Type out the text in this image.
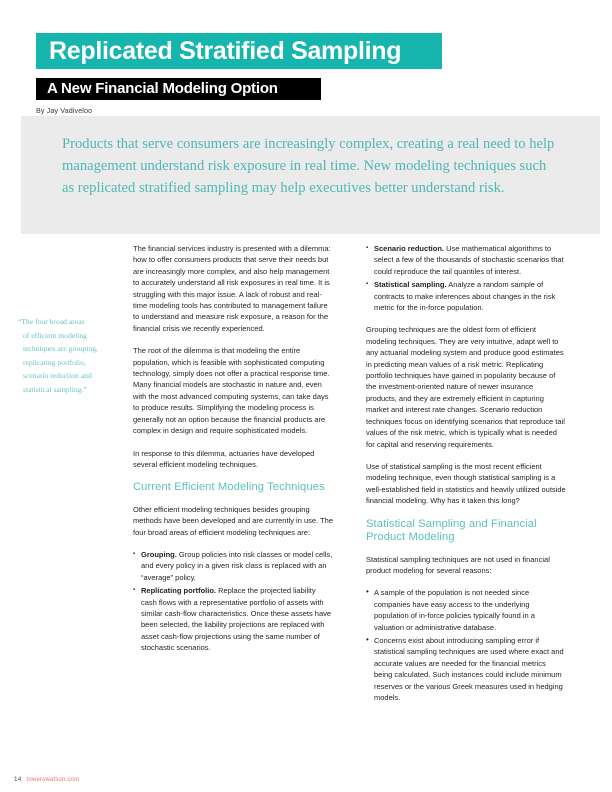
Replicated Stratified Sampling
A New Financial Modeling Option
By Jay Vadiveloo
Products that serve consumers are increasingly complex, creating a real need to help management understand risk exposure in real time. New modeling techniques such as replicated stratified sampling may help executives better understand risk.
“The four broad areas
of efficient modeling
techniques are grouping,
replicating portfolio,
scenario reduction and
statistical sampling.”

The financial services industry is presented with a dilemma: how to offer consumers products that serve their needs but are increasingly more complex, and also help management to accurately understand all risk exposures in real time. It is struggling with this major issue. A lack of robust and real-time modeling tools has contributed to management failure to understand and measure risk exposure, a reason for the financial crisis we recently experienced.

The root of the dilemma is that modeling the entire population, which is feasible with sophisticated computing technology, simply does not offer a practical response time. Many financial models are stochastic in nature and, even with the most advanced computing systems, can take days to produce results. Simplifying the modeling process is generally not an option because the financial products are complex in design and require sophisticated models.

In response to this dilemma, actuaries have developed several efficient modeling techniques.

Current Efficient Modeling Techniques

Other efficient modeling techniques besides grouping methods have been developed and are currently in use. The four broad areas of efficient modeling techniques are:

▪ Grouping. Group policies into risk classes or model cells, and every policy in a given risk class is replaced with an “average” policy.
▪ Replicating portfolio. Replace the projected liability cash flows with a representative portfolio of assets with similar cash-flow characteristics. Once these assets have been selected, the liability projections are replaced with asset cash-flow projections using the same number of stochastic scenarios.
▪ Scenario reduction. Use mathematical algorithms to select a few of the thousands of stochastic scenarios that could reproduce the tail quantiles of interest.
▪ Statistical sampling. Analyze a random sample of contracts to make inferences about changes in the risk metric for the in-force population.

Grouping techniques are the oldest form of efficient modeling techniques. They are very intuitive, adapt well to any actuarial modeling system and produce good estimates in predicting mean values of a risk metric. Replicating portfolio techniques have gained in popularity because of the investment-oriented nature of newer insurance products, and they are extremely efficient in capturing market and interest rate changes. Scenario reduction techniques focus on identifying scenarios that reproduce tail values of the risk metric, which is typically what is needed for capital and reserving requirements.

Use of statistical sampling is the most recent efficient modeling technique, even though statistical sampling is a well-established field in statistics and heavily utilized outside financial modeling. Why has it taken this long?

Statistical Sampling and Financial Product Modeling

Statistical sampling techniques are not used in financial product modeling for several reasons:

• A sample of the population is not needed since companies have easy access to the underlying population of in-force policies typically found in a valuation or administrative database.
• Concerns exist about introducing sampling error if statistical sampling techniques are used where exact and accurate values are needed for the financial metrics being calculated. Such instances could include minimum reserves or the various Greek measures used in hedging models.
14 towerswatson.com
